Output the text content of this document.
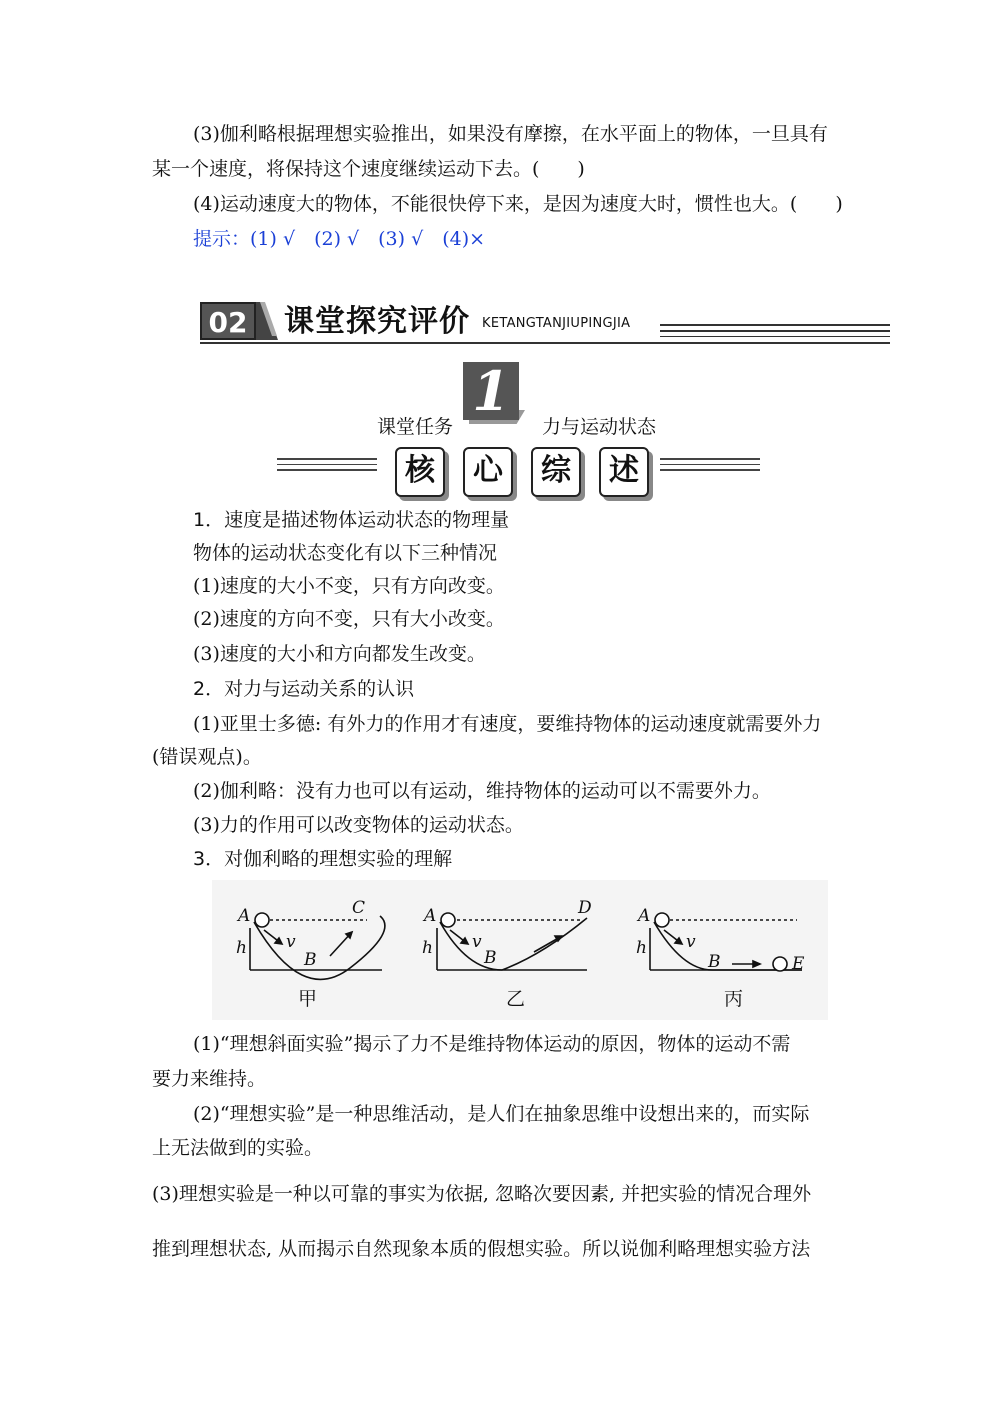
(3)伽利略根据理想实验推出，如果没有摩擦，在水平面上的物体，一旦具有
某一个速度，将保持这个速度继续运动下去。(　　)
(4)运动速度大的物体，不能很快停下来，是因为速度大时，惯性也大。(　　)
提示：(1) √　(2) √　(3) √　(4)×
02 课堂探究评价 KETANGTANJIUPINGJIA
1
课堂任务	力与运动状态
核	心	综	述
1．速度是描述物体运动状态的物理量
物体的运动状态变化有以下三种情况
(1)速度的大小不变，只有方向改变。
(2)速度的方向不变，只有大小改变。
(3)速度的大小和方向都发生改变。
2．对力与运动关系的认识
(1)亚里士多德: 有外力的作用才有速度，要维持物体的运动速度就需要外力
(错误观点)。
(2)伽利略：没有力也可以有运动，维持物体的运动可以不需要外力。
(3)力的作用可以改变物体的运动状态。
3．对伽利略的理想实验的理解
A
h v
B
C	A
h v
B
D	A
h v
B	E
甲	乙	丙
(1)“理想斜面实验”揭示了力不是维持物体运动的原因，物体的运动不需
要力来维持。
(2)“理想实验”是一种思维活动，是人们在抽象思维中设想出来的，而实际
上无法做到的实验。
(3)理想实验是一种以可靠的事实为依据, 忽略次要因素, 并把实验的情况合理外
推到理想状态, 从而揭示自然现象本质的假想实验。所以说伽利略理想实验方法
